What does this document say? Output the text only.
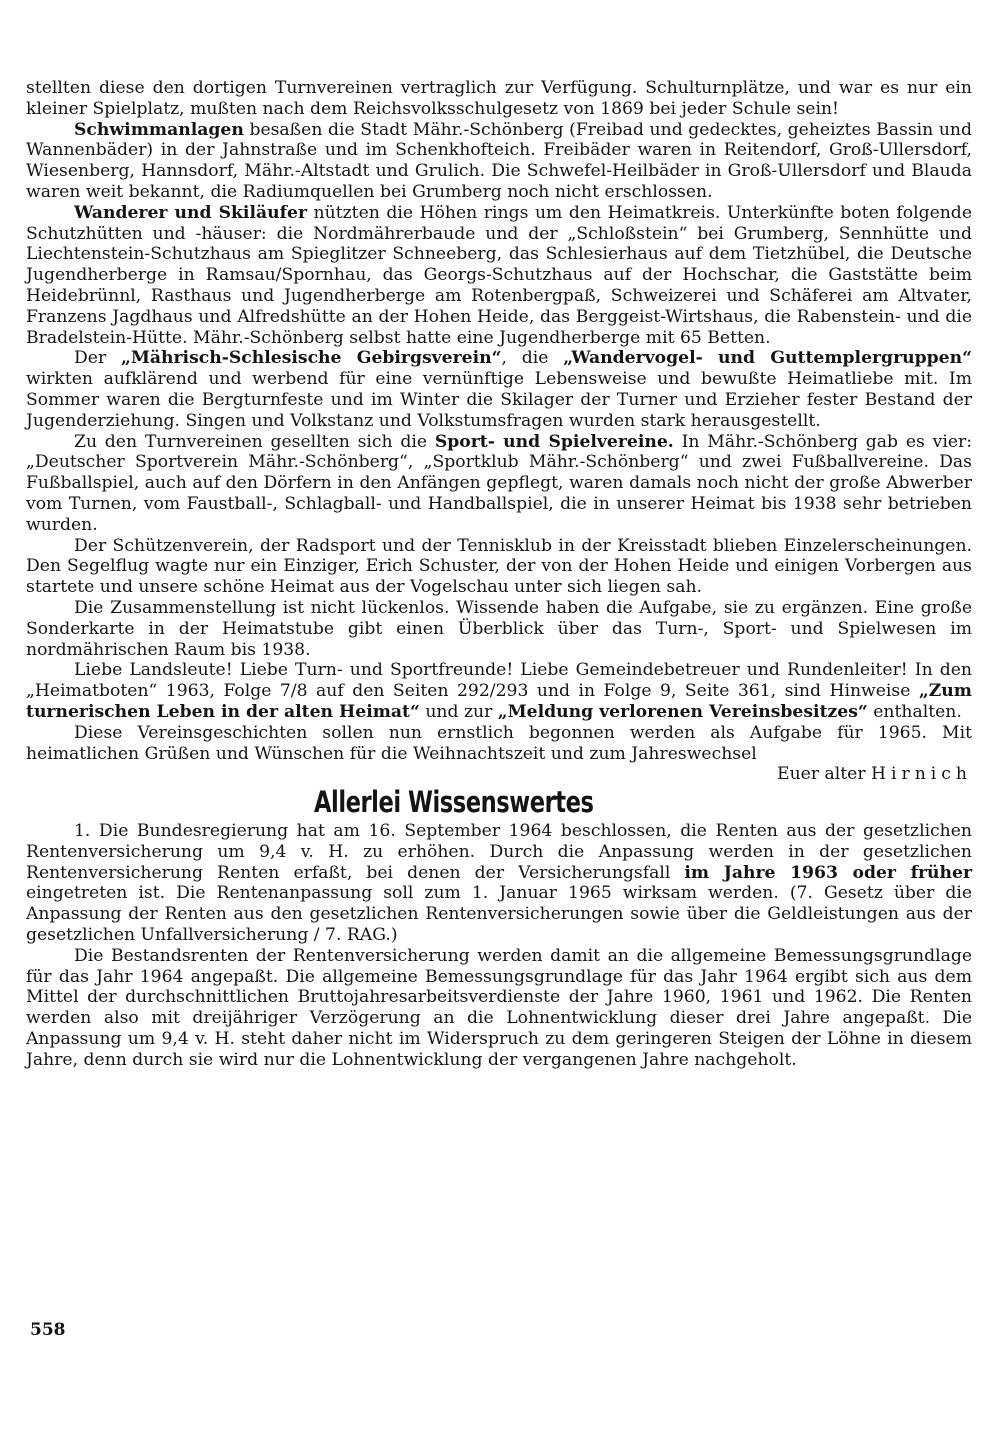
stellten diese den dortigen Turnvereinen vertraglich zur Verfügung. Schulturnplätze, und war es nur ein kleiner Spielplatz, mußten nach dem Reichsvolksschulgesetz von 1869 bei jeder Schule sein!

Schwimmanlagen besaßen die Stadt Mähr.-Schönberg (Freibad und gedecktes, geheiztes Bassin und Wannenbäder) in der Jahnstraße und im Schenkhofteich. Freibäder waren in Reitendorf, Groß-Ullersdorf, Wiesenberg, Hannsdorf, Mähr.-Altstadt und Grulich. Die Schwefel-Heilbäder in Groß-Ullersdorf und Blauda waren weit bekannt, die Radiumquellen bei Grumberg noch nicht erschlossen.

Wanderer und Skiläufer nützten die Höhen rings um den Heimatkreis. Unterkünfte boten folgende Schutzhütten und -häuser: die Nordmährerbaude und der „Schloßstein“ bei Grumberg, Sennhütte und Liechtenstein-Schutzhaus am Spieglitzer Schneeberg, das Schlesierhaus auf dem Tietzhübel, die Deutsche Jugendherberge in Ramsau/Spornhau, das Georgs-Schutzhaus auf der Hochschar, die Gaststätte beim Heidebrünnl, Rasthaus und Jugendherberge am Rotenbergpaß, Schweizerei und Schäferei am Altvater, Franzens Jagdhaus und Alfredshütte an der Hohen Heide, das Berggeist-Wirtshaus, die Rabenstein- und die Bradelstein-Hütte. Mähr.-Schönberg selbst hatte eine Jugendherberge mit 65 Betten.

Der „Mährisch-Schlesische Gebirgsverein“, die „Wandervogel- und Guttemplergruppen“ wirkten aufklärend und werbend für eine vernünftige Lebensweise und bewußte Heimatliebe mit. Im Sommer waren die Bergturnfeste und im Winter die Skilager der Turner und Erzieher fester Bestand der Jugenderziehung. Singen und Volkstanz und Volkstumsfragen wurden stark herausgestellt.

Zu den Turnvereinen gesellten sich die Sport- und Spielvereine. In Mähr.-Schönberg gab es vier: „Deutscher Sportverein Mähr.-Schönberg“, „Sportklub Mähr.-Schönberg“ und zwei Fußballvereine. Das Fußballspiel, auch auf den Dörfern in den Anfängen gepflegt, waren damals noch nicht der große Abwerber vom Turnen, vom Faustball-, Schlagball- und Handballspiel, die in unserer Heimat bis 1938 sehr betrieben wurden.

Der Schützenverein, der Radsport und der Tennisklub in der Kreisstadt blieben Einzelerscheinungen. Den Segelflug wagte nur ein Einziger, Erich Schuster, der von der Hohen Heide und einigen Vorbergen aus startete und unsere schöne Heimat aus der Vogelschau unter sich liegen sah.

Die Zusammenstellung ist nicht lückenlos. Wissende haben die Aufgabe, sie zu ergänzen. Eine große Sonderkarte in der Heimatstube gibt einen Überblick über das Turn-, Sport- und Spielwesen im nordmährischen Raum bis 1938.

Liebe Landsleute! Liebe Turn- und Sportfreunde! Liebe Gemeindebetreuer und Rundenleiter! In den „Heimatboten“ 1963, Folge 7/8 auf den Seiten 292/293 und in Folge 9, Seite 361, sind Hinweise „Zum turnerischen Leben in der alten Heimat“ und zur „Meldung verlorenen Vereinsbesitzes“ enthalten.

Diese Vereinsgeschichten sollen nun ernstlich begonnen werden als Aufgabe für 1965. Mit heimatlichen Grüßen und Wünschen für die Weihnachtszeit und zum Jahreswechsel

Euer alter Hirnich

Allerlei Wissenswertes

1. Die Bundesregierung hat am 16. September 1964 beschlossen, die Renten aus der gesetzlichen Rentenversicherung um 9,4 v. H. zu erhöhen. Durch die Anpassung werden in der gesetzlichen Rentenversicherung Renten erfaßt, bei denen der Versicherungsfall im Jahre 1963 oder früher eingetreten ist. Die Rentenanpassung soll zum 1. Januar 1965 wirksam werden. (7. Gesetz über die Anpassung der Renten aus den gesetzlichen Rentenversicherungen sowie über die Geldleistungen aus der gesetzlichen Unfallversicherung / 7. RAG.)

Die Bestandsrenten der Rentenversicherung werden damit an die allgemeine Bemessungsgrundlage für das Jahr 1964 angepaßt. Die allgemeine Bemessungsgrundlage für das Jahr 1964 ergibt sich aus dem Mittel der durchschnittlichen Bruttojahresarbeitsverdienste der Jahre 1960, 1961 und 1962. Die Renten werden also mit dreijähriger Verzögerung an die Lohnentwicklung dieser drei Jahre angepaßt. Die Anpassung um 9,4 v. H. steht daher nicht im Widerspruch zu dem geringeren Steigen der Löhne in diesem Jahre, denn durch sie wird nur die Lohnentwicklung der vergangenen Jahre nachgeholt.

558
